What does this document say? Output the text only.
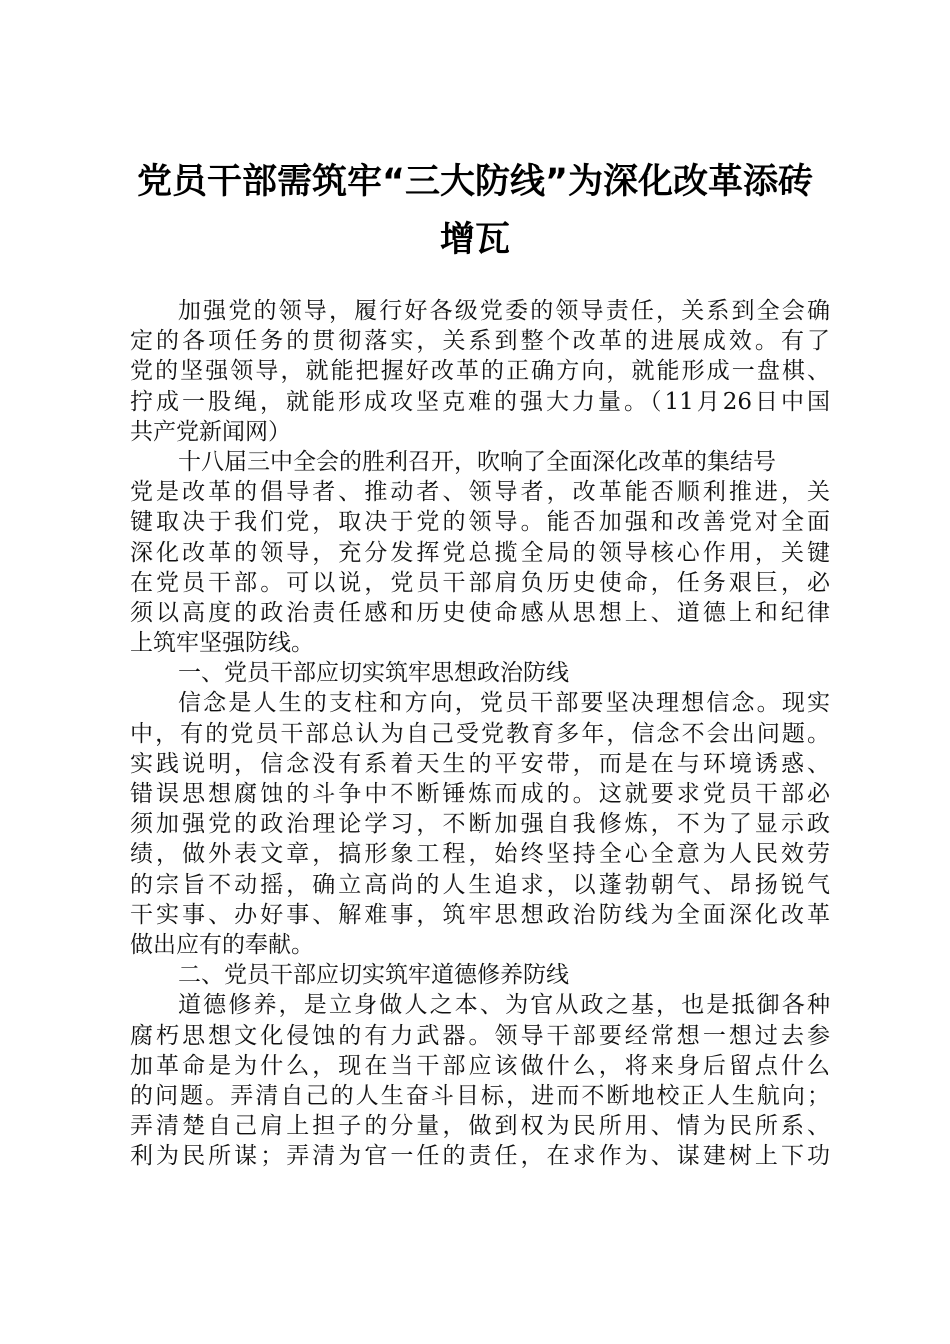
党员干部需筑牢“三大防线”为深化改革添砖
增瓦
加强党的领导，履行好各级党委的领导责任，关系到全会确
定的各项任务的贯彻落实，关系到整个改革的进展成效。有了
党的坚强领导，就能把握好改革的正确方向，就能形成一盘棋、
拧成一股绳，就能形成攻坚克难的强大力量。（11月26日中国
共产党新闻网）
十八届三中全会的胜利召开，吹响了全面深化改革的集结号
党是改革的倡导者、推动者、领导者，改革能否顺利推进，关
键取决于我们党，取决于党的领导。能否加强和改善党对全面
深化改革的领导，充分发挥党总揽全局的领导核心作用，关键
在党员干部。可以说，党员干部肩负历史使命，任务艰巨，必
须以高度的政治责任感和历史使命感从思想上、道德上和纪律
上筑牢坚强防线。
一、党员干部应切实筑牢思想政治防线
信念是人生的支柱和方向，党员干部要坚决理想信念。现实
中，有的党员干部总认为自己受党教育多年，信念不会出问题。
实践说明，信念没有系着天生的平安带，而是在与环境诱惑、
错误思想腐蚀的斗争中不断锤炼而成的。这就要求党员干部必
须加强党的政治理论学习，不断加强自我修炼，不为了显示政
绩，做外表文章，搞形象工程，始终坚持全心全意为人民效劳
的宗旨不动摇，确立高尚的人生追求，以蓬勃朝气、昂扬锐气
干实事、办好事、解难事，筑牢思想政治防线为全面深化改革
做出应有的奉献。
二、党员干部应切实筑牢道德修养防线
道德修养，是立身做人之本、为官从政之基，也是抵御各种
腐朽思想文化侵蚀的有力武器。领导干部要经常想一想过去参
加革命是为什么，现在当干部应该做什么，将来身后留点什么
的问题。弄清自己的人生奋斗目标，进而不断地校正人生航向；
弄清楚自己肩上担子的分量，做到权为民所用、情为民所系、
利为民所谋；弄清为官一任的责任，在求作为、谋建树上下功
